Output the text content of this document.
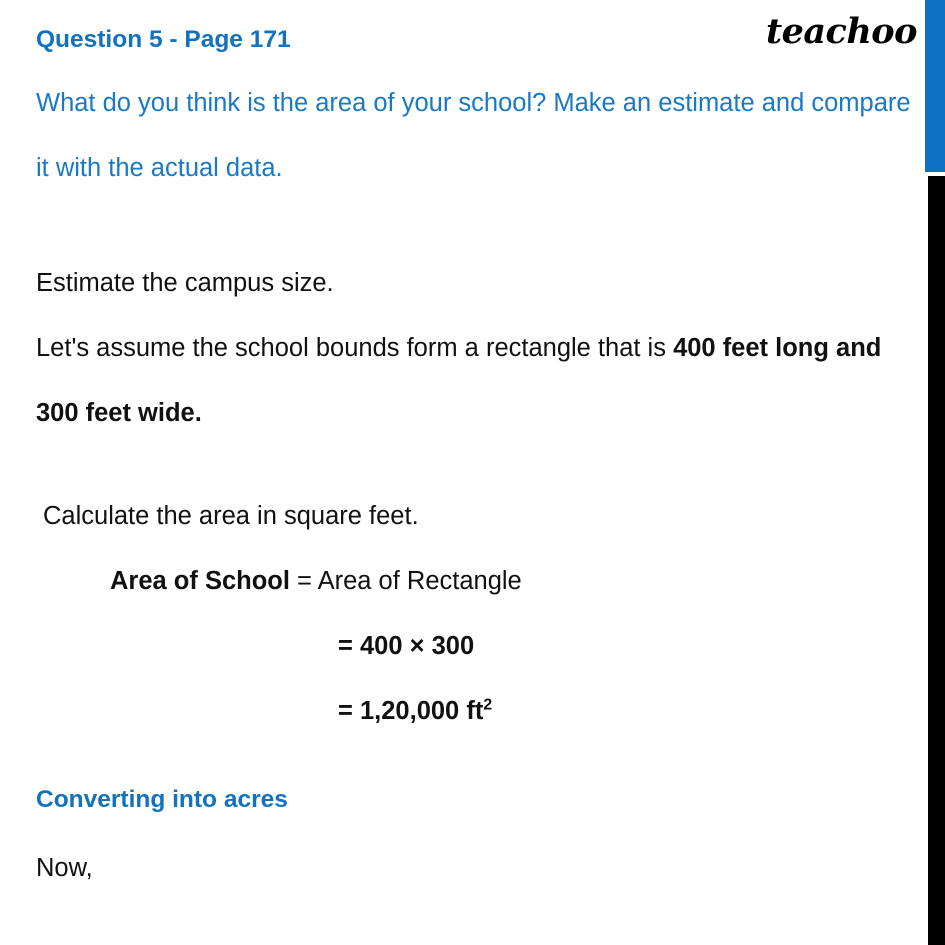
teachoo
Question 5 - Page 171
What do you think is the area of your school? Make an estimate and compare it with the actual data.
Estimate the campus size.
Let's assume the school bounds form a rectangle that is 400 feet long and 300 feet wide.
Calculate the area in square feet.
Area of School = Area of Rectangle
= 400 × 300
= 1,20,000 $ft^2$
Converting into acres
Now,
